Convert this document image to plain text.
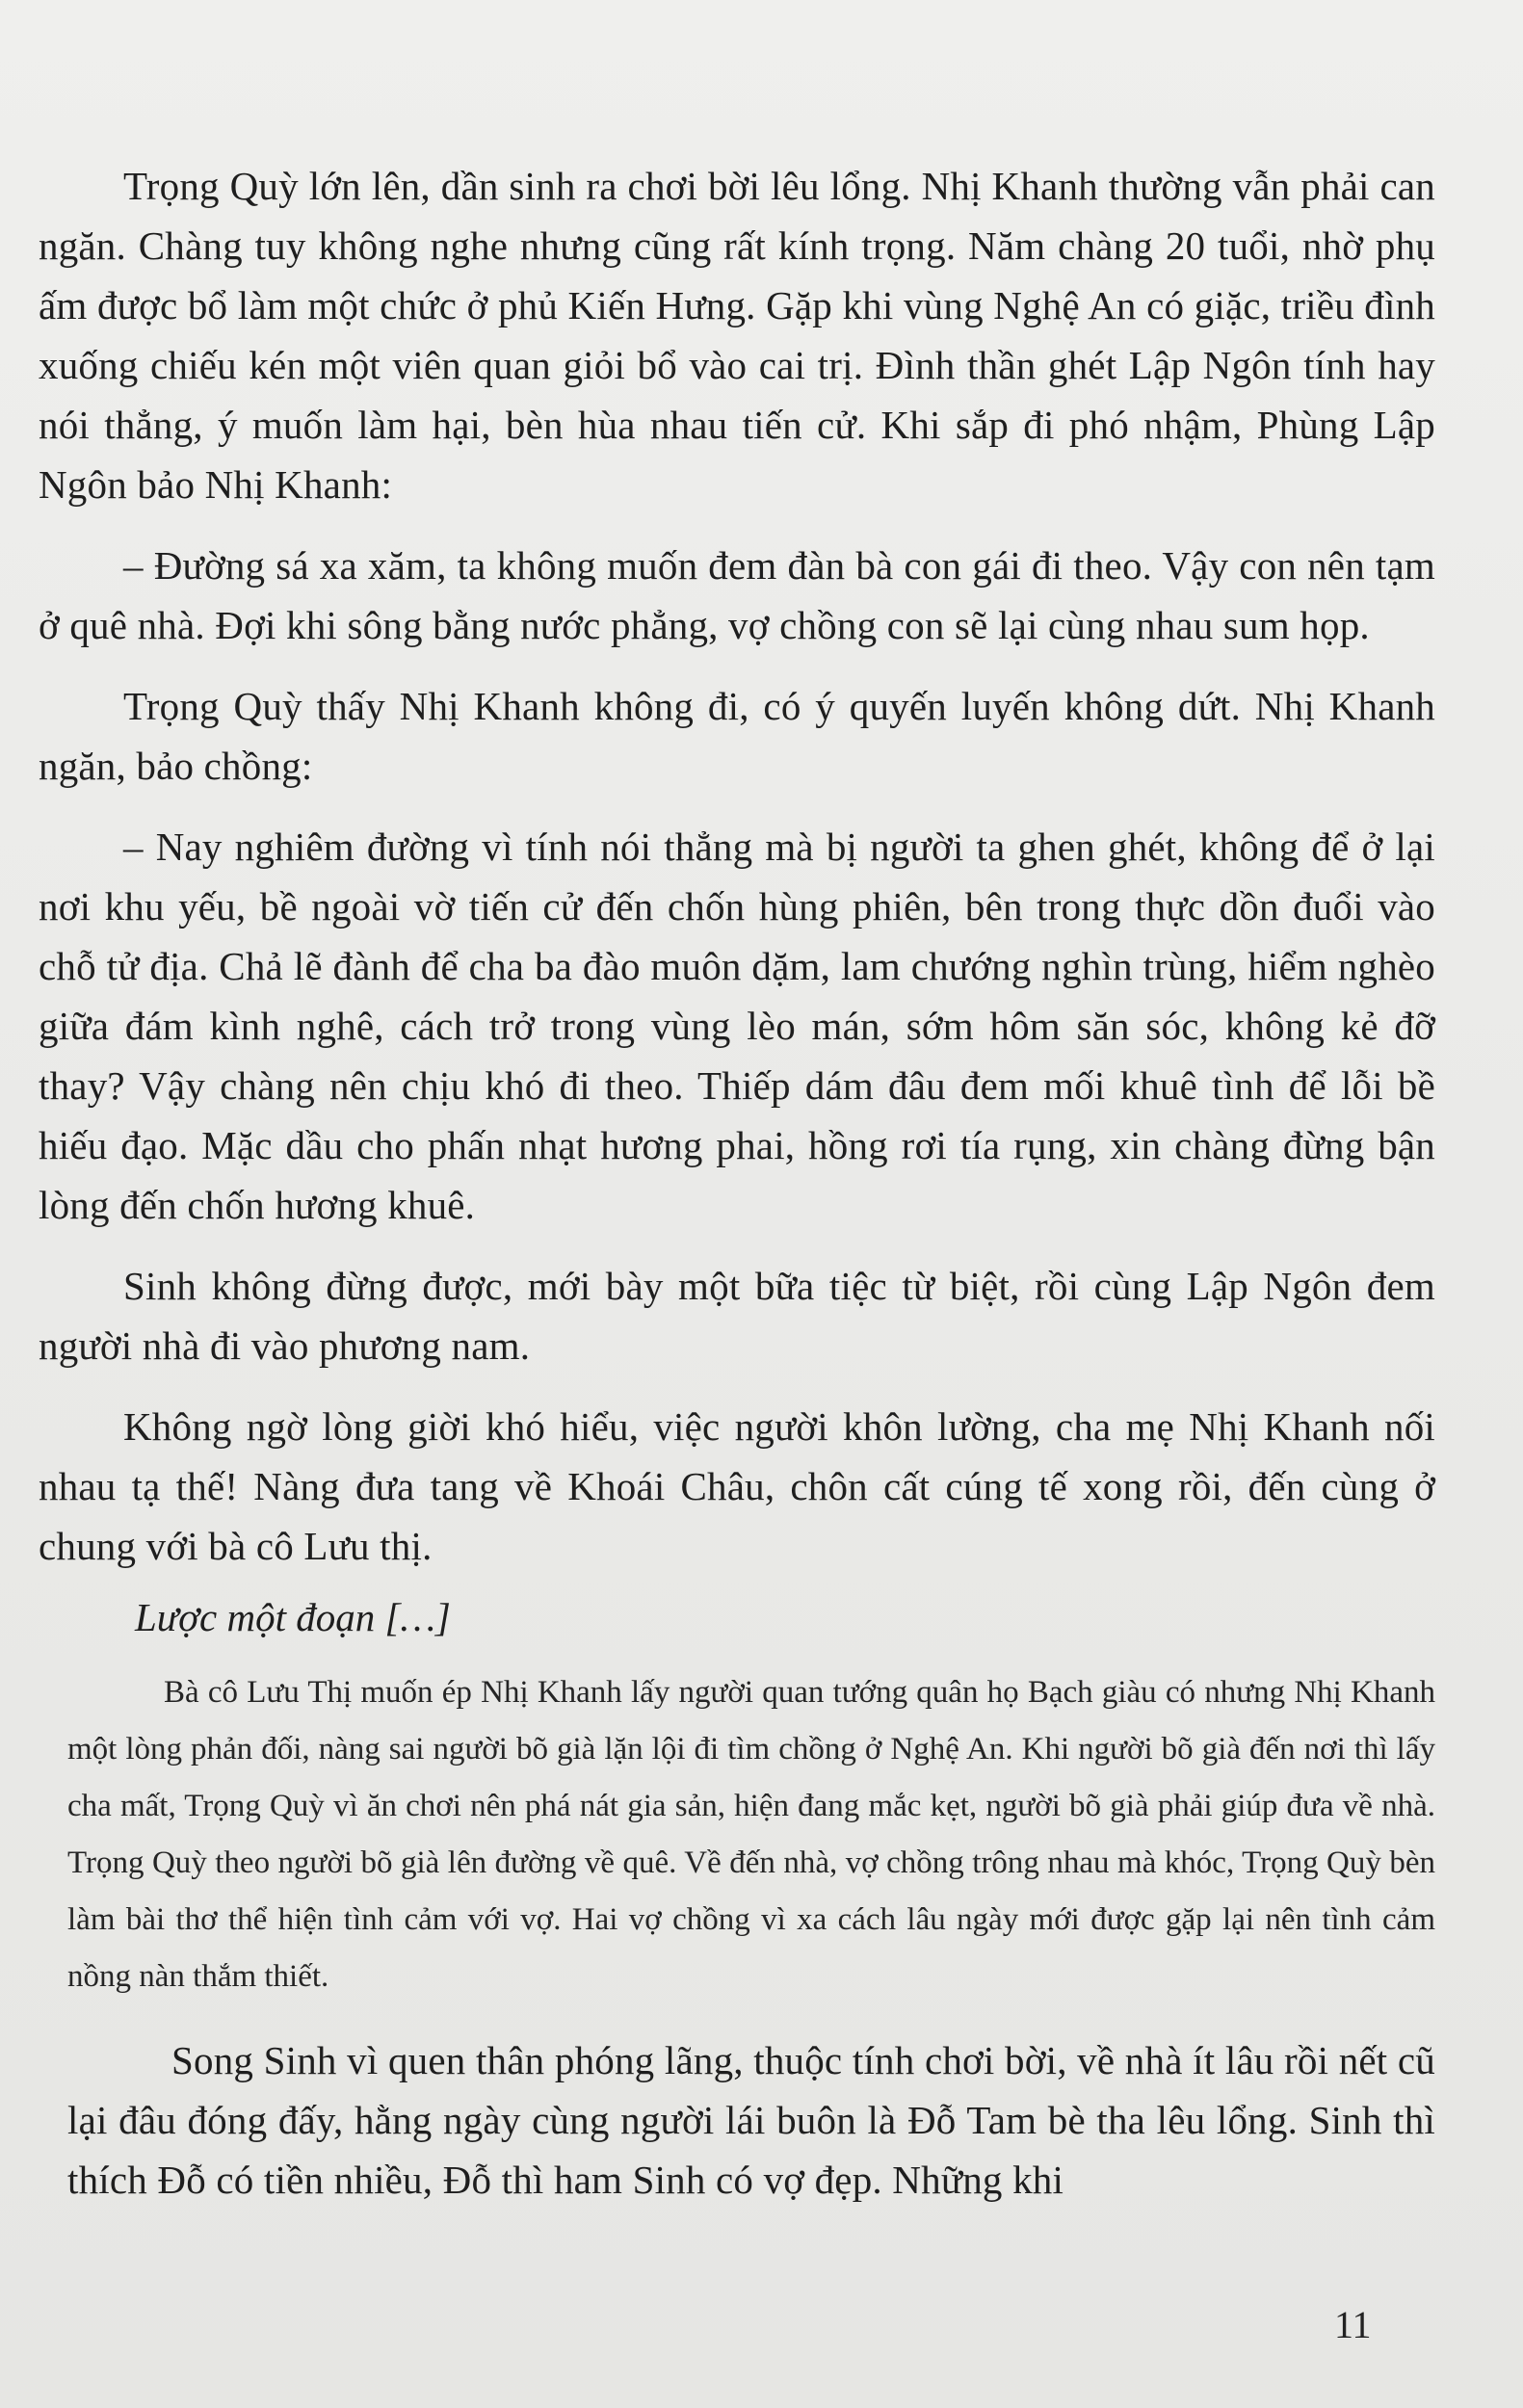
Trọng Quỳ lớn lên, dần sinh ra chơi bời lêu lổng. Nhị Khanh thường vẫn phải can ngăn. Chàng tuy không nghe nhưng cũng rất kính trọng. Năm chàng 20 tuổi, nhờ phụ ấm được bổ làm một chức ở phủ Kiến Hưng. Gặp khi vùng Nghệ An có giặc, triều đình xuống chiếu kén một viên quan giỏi bổ vào cai trị. Đình thần ghét Lập Ngôn tính hay nói thẳng, ý muốn làm hại, bèn hùa nhau tiến cử. Khi sắp đi phó nhậm, Phùng Lập Ngôn bảo Nhị Khanh:

– Đường sá xa xăm, ta không muốn đem đàn bà con gái đi theo. Vậy con nên tạm ở quê nhà. Đợi khi sông bằng nước phẳng, vợ chồng con sẽ lại cùng nhau sum họp.

Trọng Quỳ thấy Nhị Khanh không đi, có ý quyến luyến không dứt. Nhị Khanh ngăn, bảo chồng:

– Nay nghiêm đường vì tính nói thẳng mà bị người ta ghen ghét, không để ở lại nơi khu yếu, bề ngoài vờ tiến cử đến chốn hùng phiên, bên trong thực dồn đuổi vào chỗ tử địa. Chả lẽ đành để cha ba đào muôn dặm, lam chướng nghìn trùng, hiểm nghèo giữa đám kình nghê, cách trở trong vùng lèo mán, sớm hôm săn sóc, không kẻ đỡ thay? Vậy chàng nên chịu khó đi theo. Thiếp dám đâu đem mối khuê tình để lỗi bề hiếu đạo. Mặc dầu cho phấn nhạt hương phai, hồng rơi tía rụng, xin chàng đừng bận lòng đến chốn hương khuê.

Sinh không đừng được, mới bày một bữa tiệc từ biệt, rồi cùng Lập Ngôn đem người nhà đi vào phương nam.

Không ngờ lòng giời khó hiểu, việc người khôn lường, cha mẹ Nhị Khanh nối nhau tạ thế! Nàng đưa tang về Khoái Châu, chôn cất cúng tế xong rồi, đến cùng ở chung với bà cô Lưu thị.

Lược một đoạn […]

Bà cô Lưu Thị muốn ép Nhị Khanh lấy người quan tướng quân họ Bạch giàu có nhưng Nhị Khanh một lòng phản đối, nàng sai người bõ già lặn lội đi tìm chồng ở Nghệ An. Khi người bõ già đến nơi thì lấy cha mất, Trọng Quỳ vì ăn chơi nên phá nát gia sản, hiện đang mắc kẹt, người bõ già phải giúp đưa về nhà. Trọng Quỳ theo người bõ già lên đường về quê. Về đến nhà, vợ chồng trông nhau mà khóc, Trọng Quỳ bèn làm bài thơ thể hiện tình cảm với vợ. Hai vợ chồng vì xa cách lâu ngày mới được gặp lại nên tình cảm nồng nàn thắm thiết.

Song Sinh vì quen thân phóng lãng, thuộc tính chơi bời, về nhà ít lâu rồi nết cũ lại đâu đóng đấy, hằng ngày cùng người lái buôn là Đỗ Tam bè tha lêu lổng. Sinh thì thích Đỗ có tiền nhiều, Đỗ thì ham Sinh có vợ đẹp. Những khi

11
